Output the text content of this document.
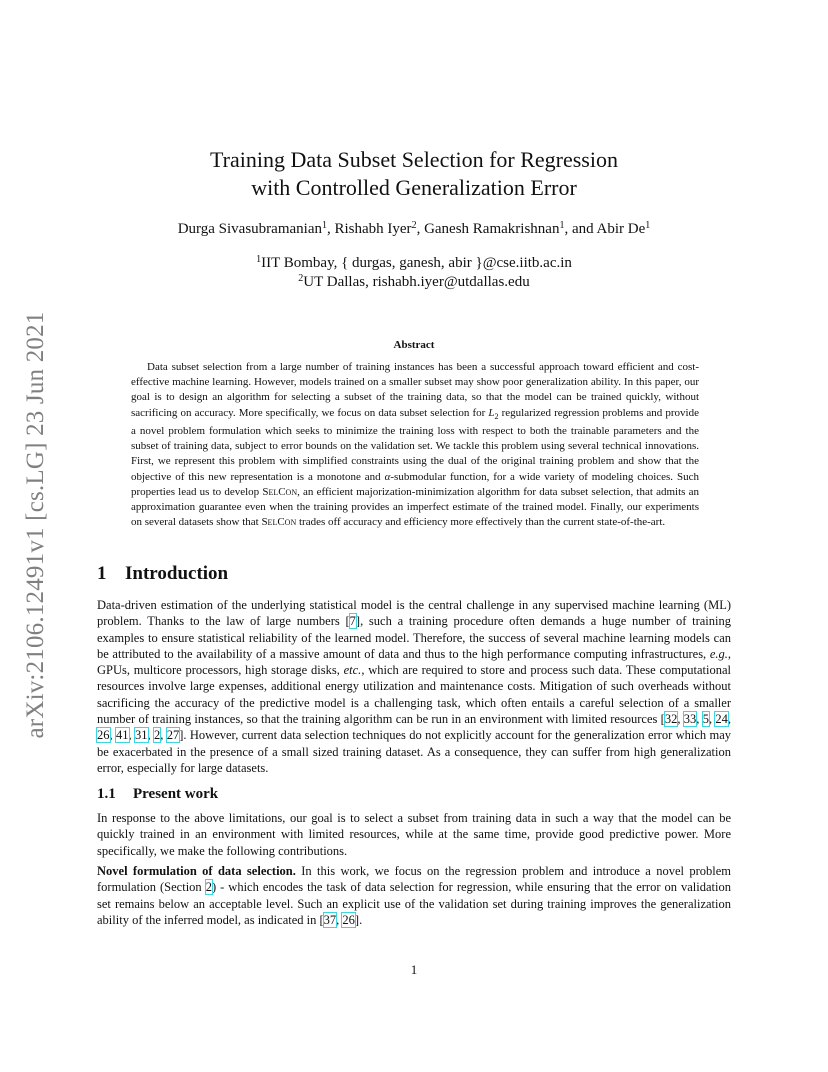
arXiv:2106.12491v1 [cs.LG] 23 Jun 2021
Training Data Subset Selection for Regression
with Controlled Generalization Error
Durga Sivasubramanian$^1$, Rishabh Iyer$^2$, Ganesh Ramakrishnan$^1$, and Abir De$^1$
$^1$IIT Bombay, { durgas, ganesh, abir }@cse.iitb.ac.in
$^2$UT Dallas, rishabh.iyer@utdallas.edu
Abstract

Data subset selection from a large number of training instances has been a successful approach toward efficient and cost-effective machine learning. However, models trained on a smaller subset may show poor generalization ability. In this paper, our goal is to design an algorithm for selecting a subset of the training data, so that the model can be trained quickly, without sacrificing on accuracy. More specifically, we focus on data subset selection for $L_2$ regularized regression problems and provide a novel problem formulation which seeks to minimize the training loss with respect to both the trainable parameters and the subset of training data, subject to error bounds on the validation set. We tackle this problem using several technical innovations. First, we represent this problem with simplified constraints using the dual of the original training problem and show that the objective of this new representation is a monotone and α-submodular function, for a wide variety of modeling choices. Such properties lead us to develop SelCon, an efficient majorization-minimization algorithm for data subset selection, that admits an approximation guarantee even when the training provides an imperfect estimate of the trained model. Finally, our experiments on several datasets show that SelCon trades off accuracy and efficiency more effectively than the current state-of-the-art.

1 Introduction

Data-driven estimation of the underlying statistical model is the central challenge in any supervised machine learning (ML) problem. Thanks to the law of large numbers [7], such a training procedure often demands a huge number of training examples to ensure statistical reliability of the learned model. Therefore, the success of several machine learning models can be attributed to the availability of a massive amount of data and thus to the high performance computing infrastructures, e.g., GPUs, multicore processors, high storage disks, etc., which are required to store and process such data. These computational resources involve large expenses, additional energy utilization and maintenance costs. Mitigation of such overheads without sacrificing the accuracy of the predictive model is a challenging task, which often entails a careful selection of a smaller number of training instances, so that the training algorithm can be run in an environment with limited resources [32, 33, 5, 24, 26, 41, 31, 2, 27]. However, current data selection techniques do not explicitly account for the generalization error which may be exacerbated in the presence of a small sized training dataset. As a consequence, they can suffer from high generalization error, especially for large datasets.

1.1 Present work

In response to the above limitations, our goal is to select a subset from training data in such a way that the model can be quickly trained in an environment with limited resources, while at the same time, provide good predictive power. More specifically, we make the following contributions.

Novel formulation of data selection. In this work, we focus on the regression problem and introduce a novel problem formulation (Section 2) - which encodes the task of data selection for regression, while ensuring that the error on validation set remains below an acceptable level. Such an explicit use of the validation set during training improves the generalization ability of the inferred model, as indicated in [37, 26].

1
